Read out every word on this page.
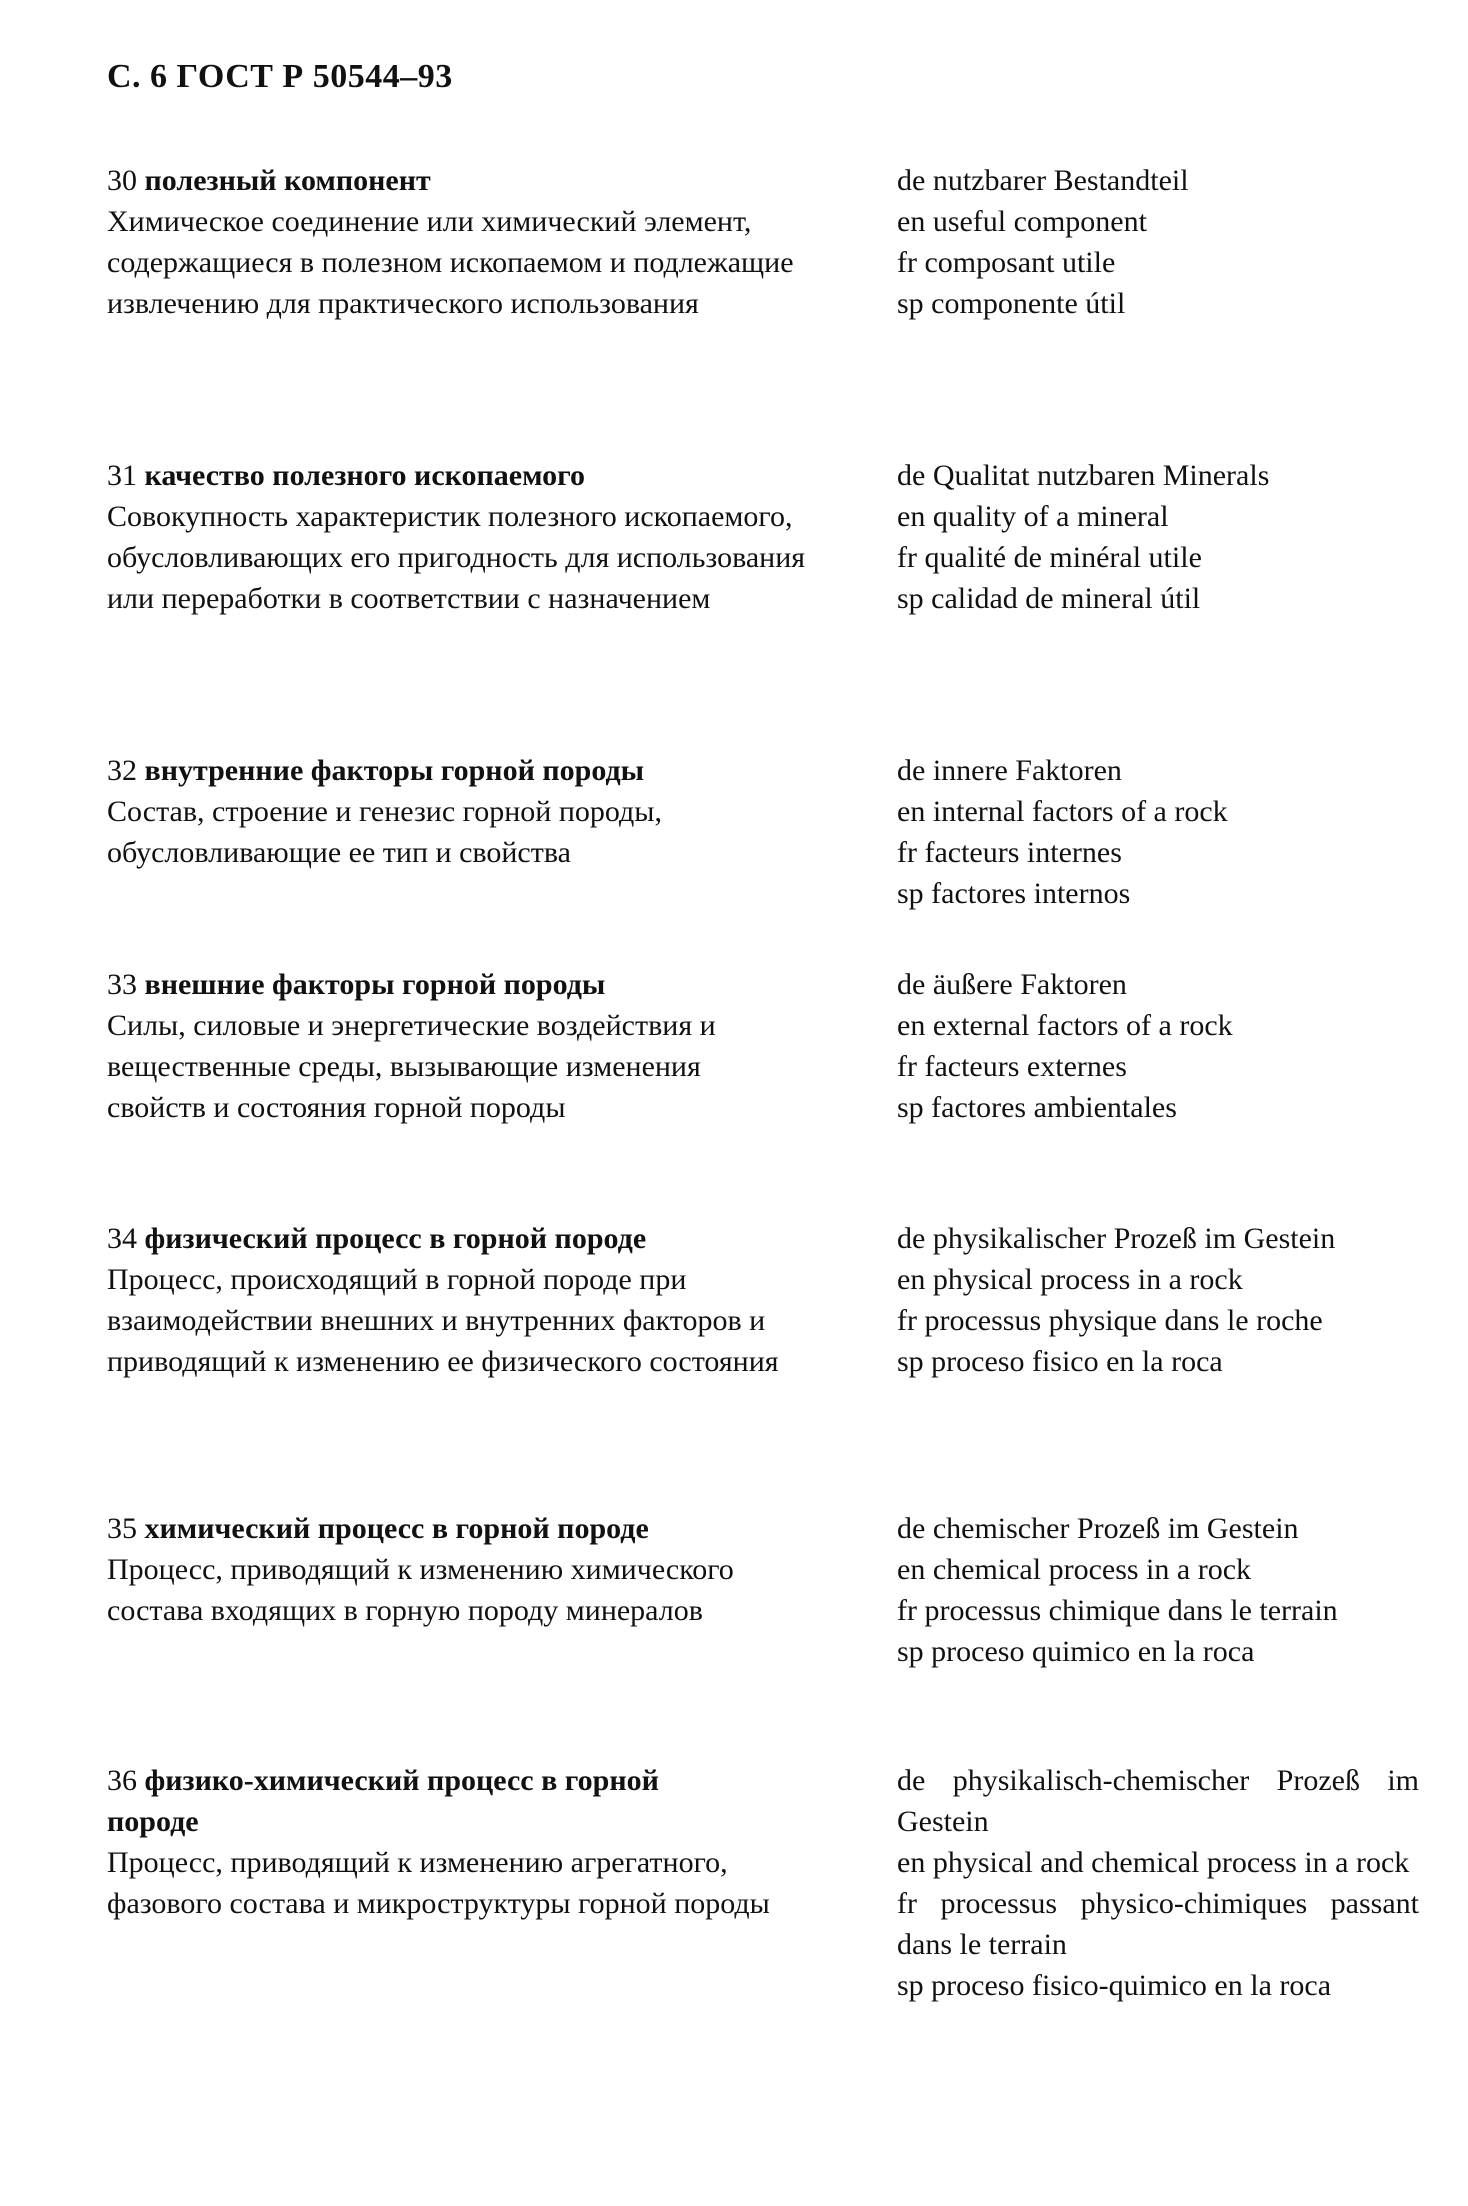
С. 6 ГОСТ Р 50544–93
30 полезный компонент
Химическое соединение или химический элемент, содержащиеся в полезном ископаемом и подлежащие извлечению для практического использования
de nutzbarer Bestandteil
en useful component
fr composant utile
sp componente útil
31 качество полезного ископаемого
Совокупность характеристик полезного ископаемого, обусловливающих его пригодность для использования или переработки в соответствии с назначением
de Qualitat nutzbaren Minerals
en quality of a mineral
fr qualité de minéral utile
sp calidad de mineral útil
32 внутренние факторы горной породы
Состав, строение и генезис горной породы, обусловливающие ее тип и свойства
de innere Faktoren
en internal factors of a rock
fr facteurs internes
sp factores internos
33 внешние факторы горной породы
Силы, силовые и энергетические воздействия и вещественные среды, вызывающие изменения свойств и состояния горной породы
de äußere Faktoren
en external factors of a rock
fr facteurs externes
sp factores ambientales
34 физический процесс в горной породе
Процесс, происходящий в горной породе при взаимодействии внешних и внутренних факторов и приводящий к изменению ее физического состояния
de physikalischer Prozeß im Gestein
en physical process in a rock
fr processus physique dans le roche
sp proceso fisico en la roca
35 химический процесс в горной породе
Процесс, приводящий к изменению химического состава входящих в горную породу минералов
de chemischer Prozeß im Gestein
en chemical process in a rock
fr processus chimique dans le terrain
sp proceso quimico en la roca
36 физико-химический процесс в горной породе
Процесс, приводящий к изменению агрегатного, фазового состава и микроструктуры горной породы
de physikalisch-chemischer Prozeß im Gestein
en physical and chemical process in a rock
fr processus physico-chimiques passant dans le terrain
sp proceso fisico-quimico en la roca
